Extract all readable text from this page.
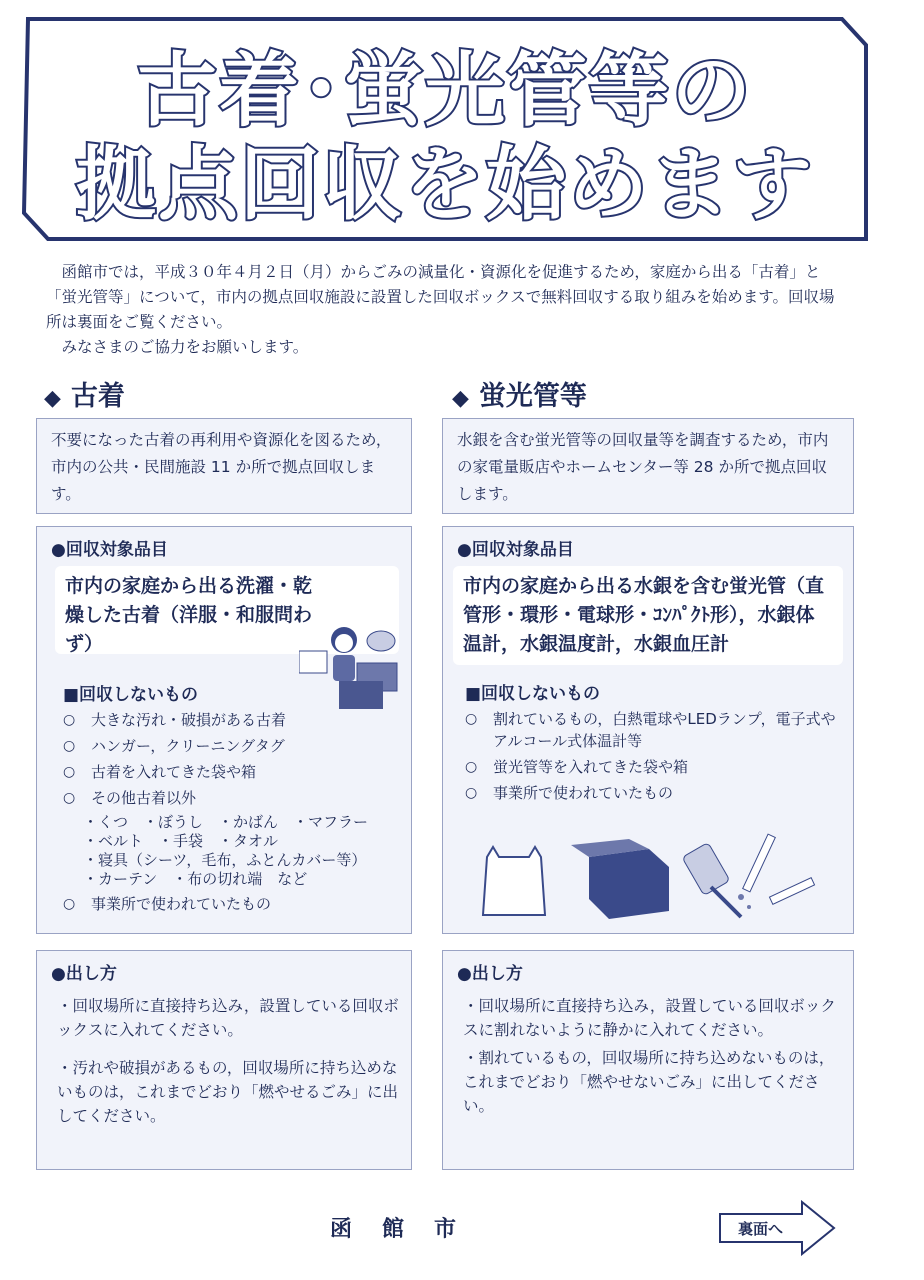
古着･蛍光管等の
拠点回収を始めます

函館市では，平成３０年４月２日（月）からごみの減量化・資源化を促進するため，家庭から出る「古着」と「蛍光管等」について，市内の拠点回収施設に設置した回収ボックスで無料回収する取り組みを始めます。回収場所は裏面をご覧ください。

みなさまのご協力をお願いします。

◆ 古着	◆ 蛍光管等
不要になった古着の再利用や資源化を図るため，市内の公共・民間施設 11 か所で拠点回収します。
水銀を含む蛍光管等の回収量等を調査するため，市内の家電量販店やホームセンター等 28 か所で拠点回収します。
●回収対象品目
市内の家庭から出る洗濯・乾燥した古着（洋服・和服問わず）
■回収しないもの
○ 大きな汚れ・破損がある古着
○ ハンガー，クリーニングタグ
○ 古着を入れてきた袋や箱
○ その他古着以外
・くつ　・ぼうし　・かばん　・マフラー
・ベルト　・手袋　・タオル
・寝具（シーツ，毛布，ふとんカバー等）
・カーテン　・布の切れ端　など
○ 事業所で使われていたもの
●回収対象品目
市内の家庭から出る水銀を含む蛍光管（直管形・環形・電球形・ｺﾝﾊﾟｸﾄ形），水銀体温計，水銀温度計，水銀血圧計
■回収しないもの
○ 割れているもの，白熱電球やLEDランプ，電子式やアルコール式体温計等
○ 蛍光管等を入れてきた袋や箱
○ 事業所で使われていたもの
●出し方
・回収場所に直接持ち込み，設置している回収ボックスに入れてください。
・汚れや破損があるもの，回収場所に持ち込めないものは，これまでどおり「燃やせるごみ」に出してください。
●出し方
・回収場所に直接持ち込み，設置している回収ボックスに割れないように静かに入れてください。
・割れているもの，回収場所に持ち込めないものは，これまでどおり「燃やせないごみ」に出してください。
函館市	裏面へ
